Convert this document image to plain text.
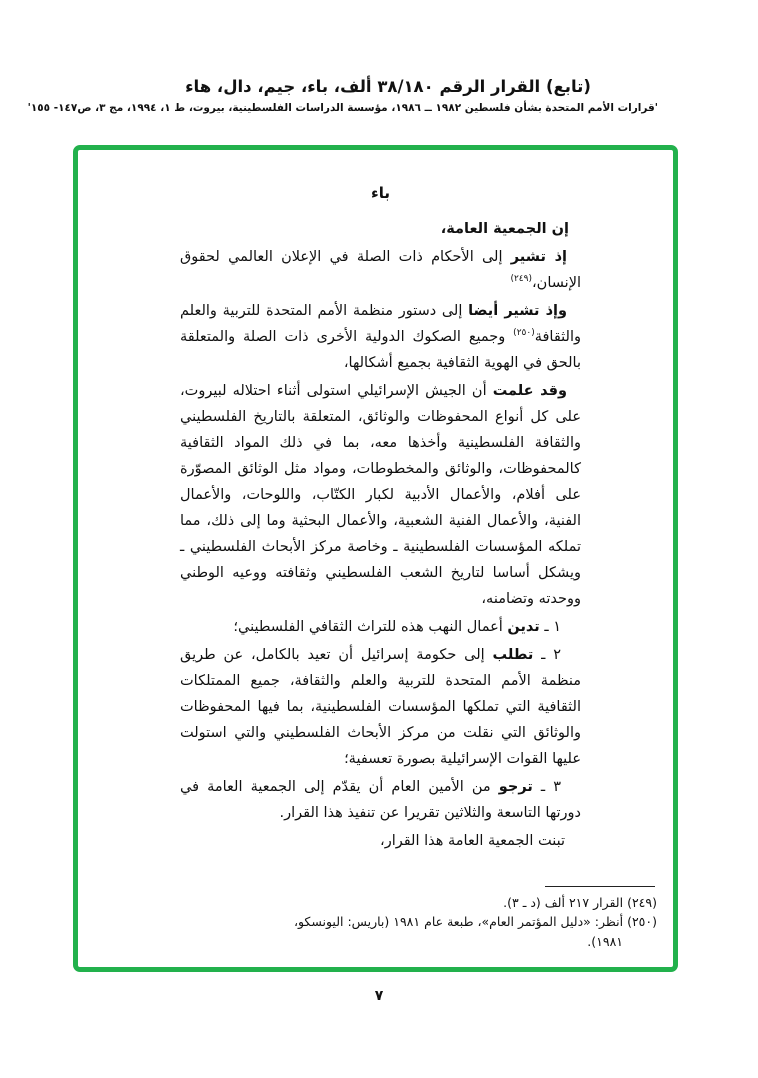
(تابع) القرار الرقم ٣٨/١٨٠ ألف، باء، جيم، دال، هاء
'قرارات الأمم المتحدة بشأن فلسطين ١٩٨٢ ــ ١٩٨٦، مؤسسة الدراسات الفلسطينية، بيروت، ط ١، ١٩٩٤، مج ٣، ص١٤٧- ١٥٥'
باء
إن الجمعية العامة،

إذ تشير إلى الأحكام ذات الصلة في الإعلان العالمي لحقوق الإنسان،$^{(٢٤٩)}$

وإذ تشير أيضا إلى دستور منظمة الأمم المتحدة للتربية والعلم والثقافة$^{(٢٥٠)}$ وجميع الصكوك الدولية الأخرى ذات الصلة والمتعلقة بالحق في الهوية الثقافية بجميع أشكالها،

وقد علمت أن الجيش الإسرائيلي استولى أثناء احتلاله لبيروت، على كل أنواع المحفوظات والوثائق، المتعلقة بالتاريخ الفلسطيني والثقافة الفلسطينية وأخذها معه، بما في ذلك المواد الثقافية كالمحفوظات، والوثائق والمخطوطات، ومواد مثل الوثائق المصوّرة على أفلام، والأعمال الأدبية لكبار الكتّاب، واللوحات، والأعمال الفنية، والأعمال الفنية الشعبية، والأعمال البحثية وما إلى ذلك، مما تملكه المؤسسات الفلسطينية ـ وخاصة مركز الأبحاث الفلسطيني ـ ويشكل أساسا لتاريخ الشعب الفلسطيني وثقافته ووعيه الوطني ووحدته وتضامنه،

١ ـ تدين أعمال النهب هذه للتراث الثقافي الفلسطيني؛

٢ ـ تطلب إلى حكومة إسرائيل أن تعيد بالكامل، عن طريق منظمة الأمم المتحدة للتربية والعلم والثقافة، جميع الممتلكات الثقافية التي تملكها المؤسسات الفلسطينية، بما فيها المحفوظات والوثائق التي نقلت من مركز الأبحاث الفلسطيني والتي استولت عليها القوات الإسرائيلية بصورة تعسفية؛

٣ ـ ترجو من الأمين العام أن يقدّم إلى الجمعية العامة في دورتها التاسعة والثلاثين تقريرا عن تنفيذ هذا القرار.

تبنت الجمعية العامة هذا القرار،

(٢٤٩) القرار ٢١٧ ألف (د ـ ٣).
(٢٥٠) أنظر: «دليل المؤتمر العام»، طبعة عام ١٩٨١ (باريس: اليونسكو،
١٩٨١).
٧
